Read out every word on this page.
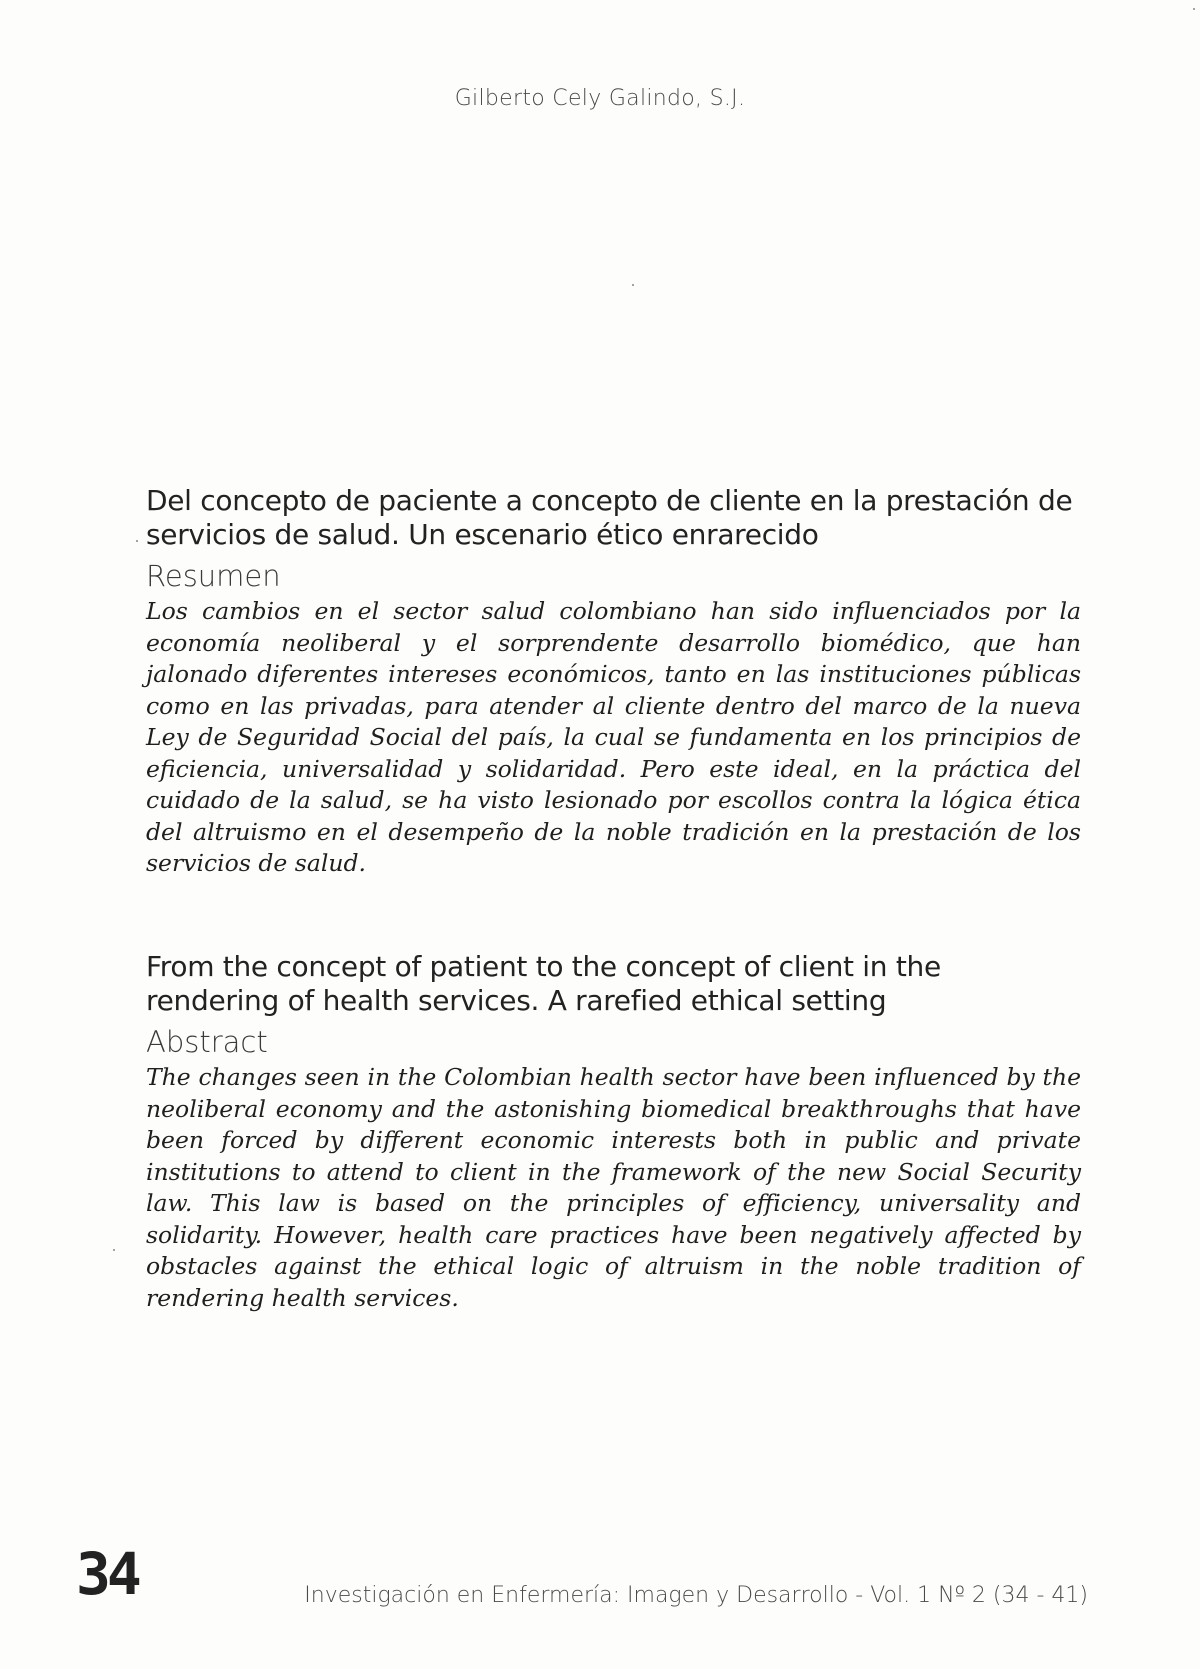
Gilberto Cely Galindo, S.J.
Del concepto de paciente a concepto de cliente en la prestación de servicios de salud. Un escenario ético enrarecido
Resumen

Los cambios en el sector salud colombiano han sido influenciados por la economía neoliberal y el sorprendente desarrollo biomédico, que han jalonado diferentes intereses económicos, tanto en las instituciones públicas como en las privadas, para atender al cliente dentro del marco de la nueva Ley de Seguridad Social del país, la cual se fundamenta en los principios de eficiencia, universalidad y solidaridad. Pero este ideal, en la práctica del cuidado de la salud, se ha visto lesionado por escollos contra la lógica ética del altruismo en el desempeño de la noble tradición en la prestación de los servicios de salud.

From the concept of patient to the concept of client in the rendering of health services. A rarefied ethical setting
Abstract

The changes seen in the Colombian health sector have been influenced by the neoliberal economy and the astonishing biomedical breakthroughs that have been forced by different economic interests both in public and private institutions to attend to client in the framework of the new Social Security law. This law is based on the principles of efficiency, universality and solidarity. However, health care practices have been negatively affected by obstacles against the ethical logic of altruism in the noble tradition of rendering health services.

34	Investigación en Enfermería: Imagen y Desarrollo - Vol. 1 Nº 2 (34 - 41)
